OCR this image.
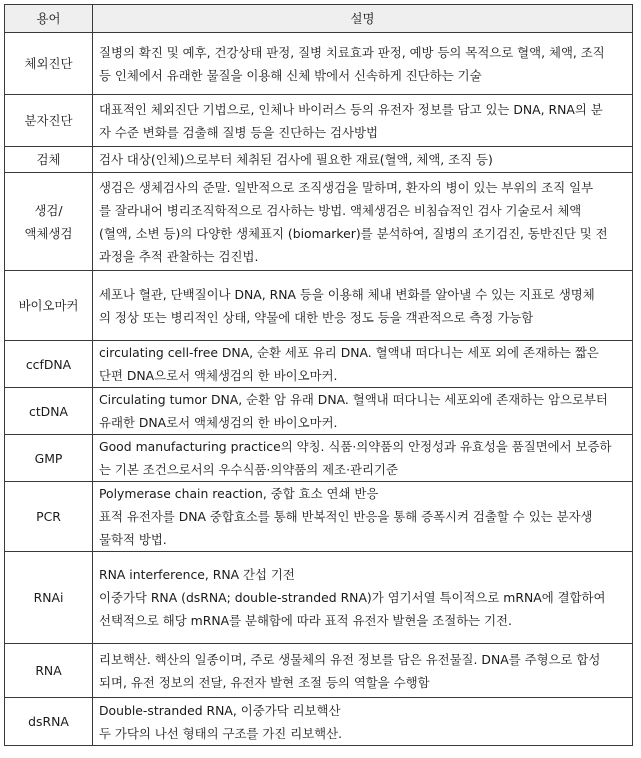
용어	설명
체외진단	질병의 확진 및 예후, 건강상태 판정, 질병 치료효과 판정, 예방 등의 목적으로 혈액, 체액, 조직
등 인체에서 유래한 물질을 이용해 신체 밖에서 신속하게 진단하는 기술

분자진단	대표적인 체외진단 기법으로, 인체나 바이러스 등의 유전자 정보를 담고 있는 DNA, RNA의 분
자 수준 변화를 검출해 질병 등을 진단하는 검사방법

검체	검사 대상(인체)으로부터 체취된 검사에 필요한 재료(혈액, 체액, 조직 등)

생검/
액체생검	생검은 생체검사의 준말. 일반적으로 조직생검을 말하며, 환자의 병이 있는 부위의 조직 일부
를 잘라내어 병리조직학적으로 검사하는 방법. 액체생검은 비침습적인 검사 기술로서 체액
(혈액, 소변 등)의 다양한 생체표지 (biomarker)를 분석하여, 질병의 조기검진, 동반진단 및 전
과정을 추적 관찰하는 검진법.

바이오마커	세포나 혈관, 단백질이나 DNA, RNA 등을 이용해 체내 변화를 알아낼 수 있는 지표로 생명체
의 정상 또는 병리적인 상태, 약물에 대한 반응 정도 등을 객관적으로 측정 가능함

ccfDNA	circulating cell-free DNA, 순환 세포 유리 DNA. 혈액내 떠다니는 세포 외에 존재하는 짧은
단편 DNA으로서 액체생검의 한 바이오마커.

ctDNA	Circulating tumor DNA, 순환 암 유래 DNA. 혈액내 떠다니는 세포외에 존재하는 암으로부터
유래한 DNA로서 액체생검의 한 바이오마커.

GMP	Good manufacturing practice의 약칭. 식품·의약품의 안정성과 유효성을 품질면에서 보증하
는 기본 조건으로서의 우수식품·의약품의 제조·관리기준

PCR	Polymerase chain reaction, 중합 효소 연쇄 반응
표적 유전자를 DNA 중합효소를 통해 반복적인 반응을 통해 증폭시켜 검출할 수 있는 분자생
물학적 방법.

RNAi	RNA interference, RNA 간섭 기전
이중가닥 RNA (dsRNA; double-stranded RNA)가 염기서열 특이적으로 mRNA에 결합하여
선택적으로 해당 mRNA를 분해함에 따라 표적 유전자 발현을 조절하는 기전.

RNA	리보핵산. 핵산의 일종이며, 주로 생물체의 유전 정보를 담은 유전물질. DNA를 주형으로 합성
되며, 유전 정보의 전달, 유전자 발현 조절 등의 역할을 수행함

dsRNA	Double-stranded RNA, 이중가닥 리보핵산
두 가닥의 나선 형태의 구조를 가진 리보핵산.
